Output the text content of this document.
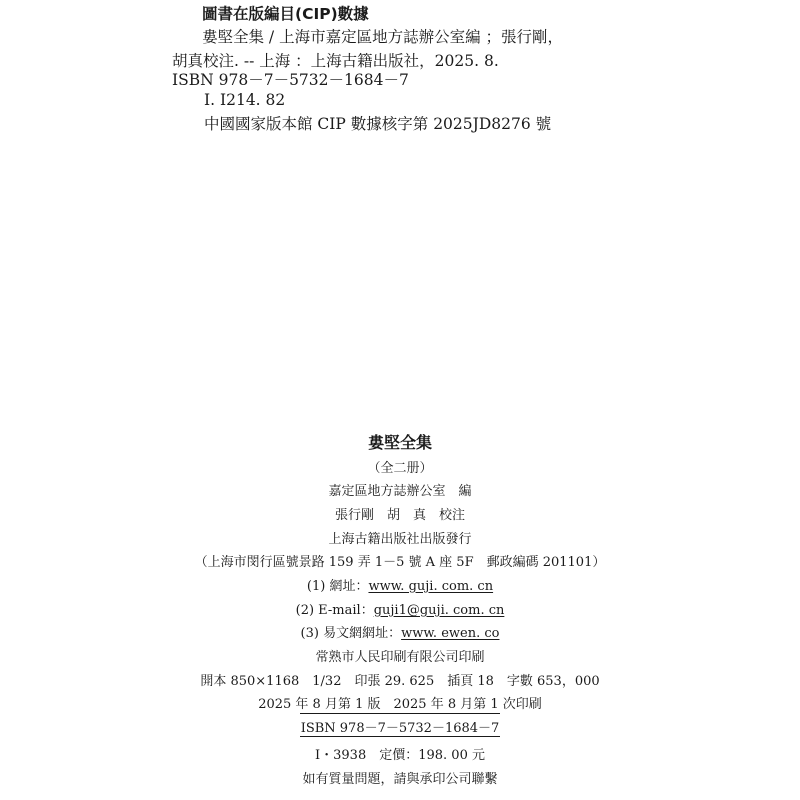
圖書在版編目(CIP)數據
婁堅全集 / 上海市嘉定區地方誌辦公室編 ；張行剛，
胡真校注. -- 上海 ：上海古籍出版社，2025. 8.
ISBN 978－7－5732－1684－7
Ⅰ. I214. 82
中國國家版本館 CIP 數據核字第 2025JD8276 號
婁堅全集
（全二册）
嘉定區地方誌辦公室　編
張行剛　胡　真　校注
上海古籍出版社出版發行
（上海市閔行區號景路 159 弄 1－5 號 A 座 5F　郵政編碼 201101）
(1) 網址：www. guji. com. cn
(2) E-mail：guji1@guji. com. cn
(3) 易文網網址：www. ewen. co
常熟市人民印刷有限公司印刷
開本 850×1168　1/32　印張 29. 625　插頁 18　字數 653，000
2025 年 8 月第 1 版　2025 年 8 月第 1 次印刷
ISBN 978－7－5732－1684－7
I・3938　定價：198. 00 元
如有質量問題，請與承印公司聯繫
